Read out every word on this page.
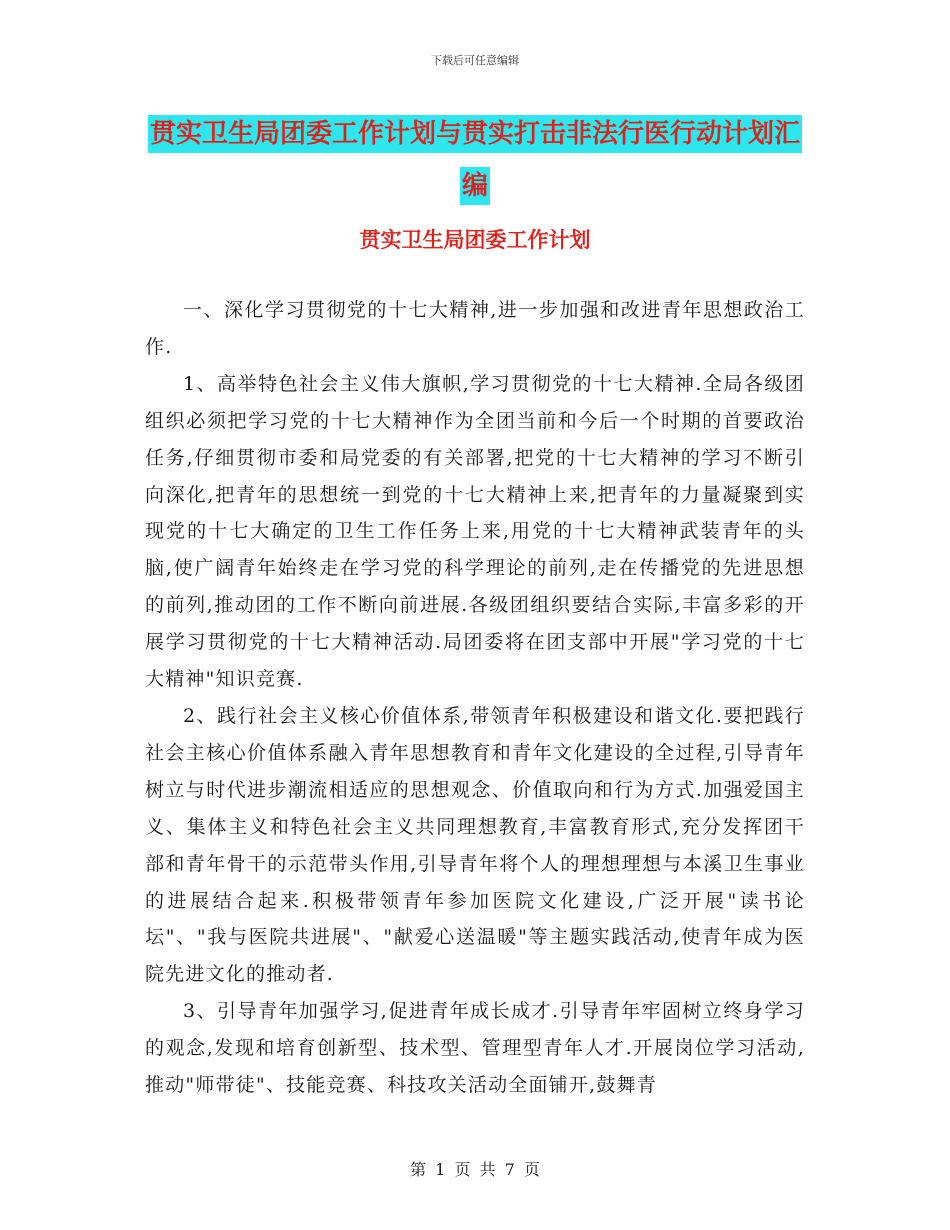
下载后可任意编辑
贯实卫生局团委工作计划与贯实打击非法行医行动计划汇编
贯实卫生局团委工作计划

一、深化学习贯彻党的十七大精神,进一步加强和改进青年思想政治工作.

1、高举特色社会主义伟大旗帜,学习贯彻党的十七大精神.全局各级团组织必须把学习党的十七大精神作为全团当前和今后一个时期的首要政治任务,仔细贯彻市委和局党委的有关部署,把党的十七大精神的学习不断引向深化,把青年的思想统一到党的十七大精神上来,把青年的力量凝聚到实现党的十七大确定的卫生工作任务上来,用党的十七大精神武装青年的头脑,使广阔青年始终走在学习党的科学理论的前列,走在传播党的先进思想的前列,推动团的工作不断向前进展.各级团组织要结合实际,丰富多彩的开展学习贯彻党的十七大精神活动.局团委将在团支部中开展"学习党的十七大精神"知识竞赛.

2、践行社会主义核心价值体系,带领青年积极建设和谐文化.要把践行社会主核心价值体系融入青年思想教育和青年文化建设的全过程,引导青年树立与时代进步潮流相适应的思想观念、价值取向和行为方式.加强爱国主义、集体主义和特色社会主义共同理想教育,丰富教育形式,充分发挥团干部和青年骨干的示范带头作用,引导青年将个人的理想理想与本溪卫生事业的进展结合起来.积极带领青年参加医院文化建设,广泛开展"读书论坛"、"我与医院共进展"、"献爱心送温暖"等主题实践活动,使青年成为医院先进文化的推动者.

3、引导青年加强学习,促进青年成长成才.引导青年牢固树立终身学习的观念,发现和培育创新型、技术型、管理型青年人才.开展岗位学习活动,推动"师带徒"、技能竞赛、科技攻关活动全面铺开,鼓舞青

第 1 页 共 7 页
